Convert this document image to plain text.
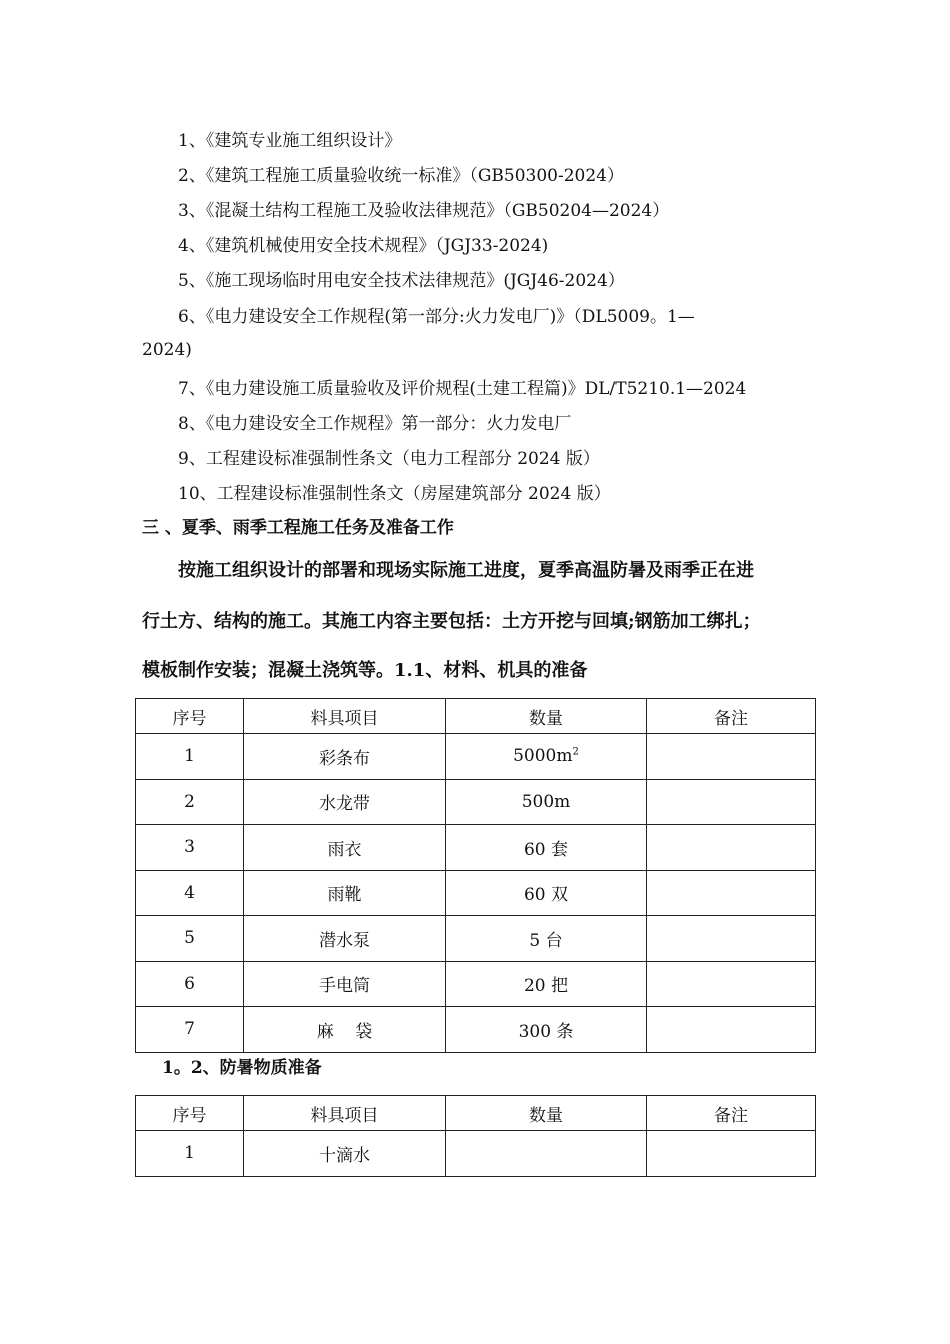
1、《建筑专业施工组织设计》
2、《建筑工程施工质量验收统一标准》（GB50300-2024）
3、《混凝土结构工程施工及验收法律规范》（GB50204—2024）
4、《建筑机械使用安全技术规程》（JGJ33-2024)
5、《施工现场临时用电安全技术法律规范》(JGJ46-2024）
6、《电力建设安全工作规程(第一部分:火力发电厂)》（DL5009。1—
2024)
7、《电力建设施工质量验收及评价规程(土建工程篇)》DL/T5210.1—2024
8、《电力建设安全工作规程》第一部分：火力发电厂
9、工程建设标准强制性条文（电力工程部分 2024 版）
10、工程建设标准强制性条文（房屋建筑部分 2024 版）
三 、夏季、雨季工程施工任务及准备工作
按施工组织设计的部署和现场实际施工进度，夏季高温防暑及雨季正在进
行土方、结构的施工。其施工内容主要包括：土方开挖与回填;钢筋加工绑扎；
模板制作安装；混凝土浇筑等。1.1、材料、机具的准备
序号	料具项目	数量	备注
1	彩条布	$5000m^2$	
2	水龙带	500m	
3	雨衣	60 套	
4	雨靴	60 双	
5	潜水泵	5 台	
6	手电筒	20 把	
7	麻    袋	300 条	
1。2、防暑物质准备
序号	料具项目	数量	备注
1	十滴水		
